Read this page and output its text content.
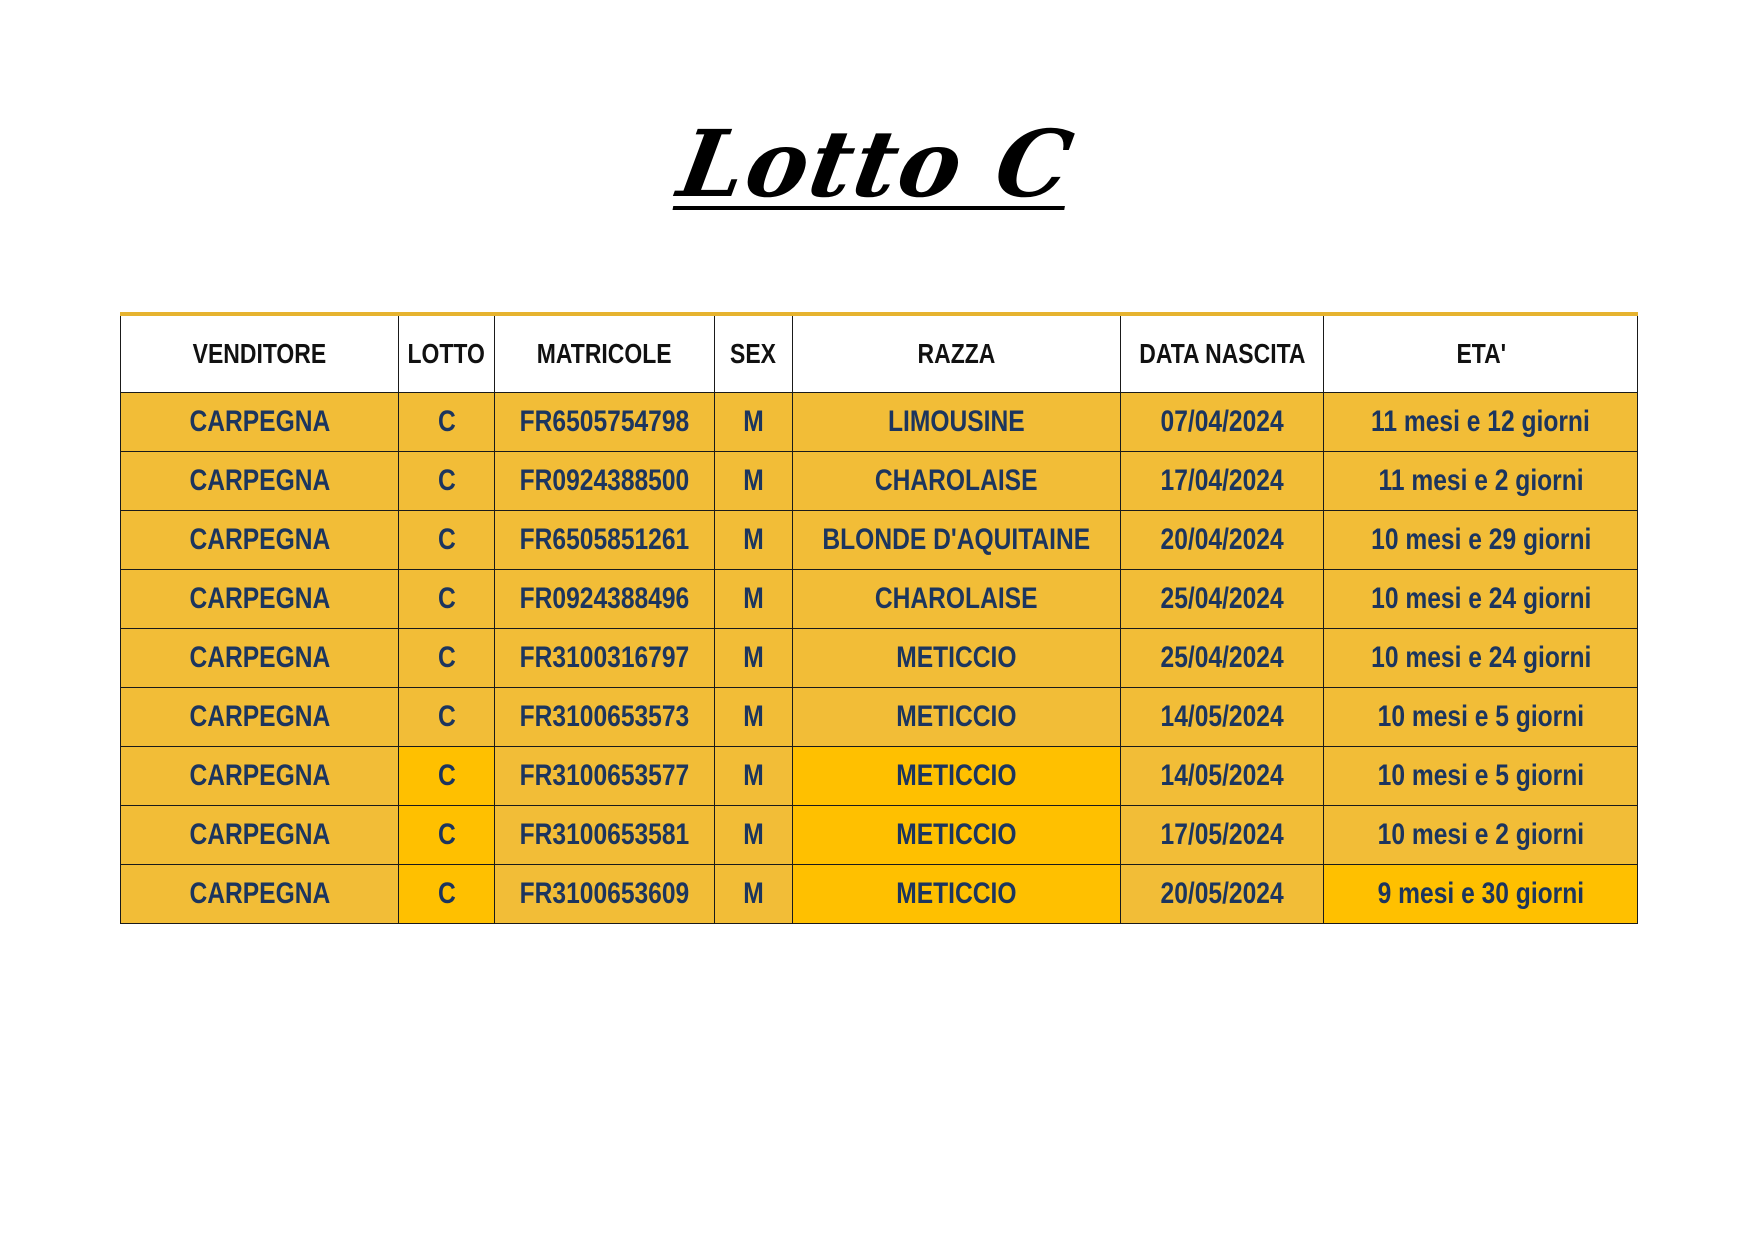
Lotto C
VENDITORE	LOTTO	MATRICOLE	SEX	RAZZA	DATA NASCITA	ETA'
CARPEGNA	C	FR6505754798	M	LIMOUSINE	07/04/2024	11 mesi e 12 giorni
CARPEGNA	C	FR0924388500	M	CHAROLAISE	17/04/2024	11 mesi e 2 giorni
CARPEGNA	C	FR6505851261	M	BLONDE D'AQUITAINE	20/04/2024	10 mesi e 29 giorni
CARPEGNA	C	FR0924388496	M	CHAROLAISE	25/04/2024	10 mesi e 24 giorni
CARPEGNA	C	FR3100316797	M	METICCIO	25/04/2024	10 mesi e 24 giorni
CARPEGNA	C	FR3100653573	M	METICCIO	14/05/2024	10 mesi e 5 giorni
CARPEGNA	C	FR3100653577	M	METICCIO	14/05/2024	10 mesi e 5 giorni
CARPEGNA	C	FR3100653581	M	METICCIO	17/05/2024	10 mesi e 2 giorni
CARPEGNA	C	FR3100653609	M	METICCIO	20/05/2024	9 mesi e 30 giorni
